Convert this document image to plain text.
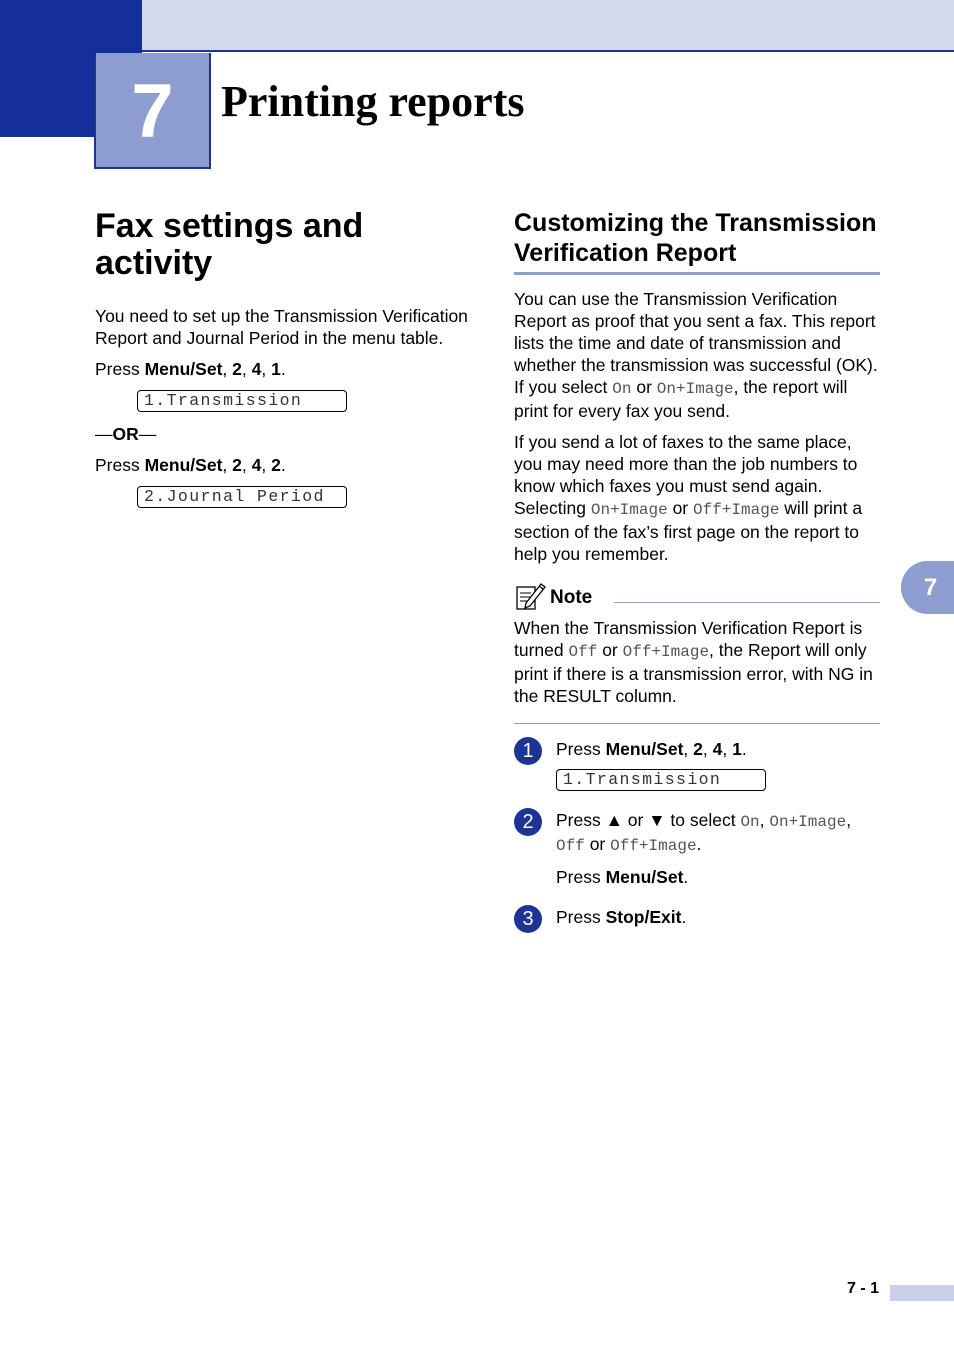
7 Printing reports
Fax settings and activity

You need to set up the Transmission Verification Report and Journal Period in the menu table.

Press Menu/Set, 2, 4, 1.

1.Transmission

—OR—

Press Menu/Set, 2, 4, 2.

2.Journal Period
Customizing the Transmission Verification Report

You can use the Transmission Verification Report as proof that you sent a fax. This report lists the time and date of transmission and whether the transmission was successful (OK). If you select On or On+Image, the report will print for every fax you send.

If you send a lot of faxes to the same place, you may need more than the job numbers to know which faxes you must send again. Selecting On+Image or Off+Image will print a section of the fax’s first page on the report to help you remember.

Note

When the Transmission Verification Report is turned Off or Off+Image, the Report will only print if there is a transmission error, with NG in the RESULT column.

1	Press Menu/Set, 2, 4, 1.

1.Transmission
2	Press ▲ or ▼ to select On, On+Image, Off or Off+Image.

Press Menu/Set.

3	Press Stop/Exit.

7
7 - 1
